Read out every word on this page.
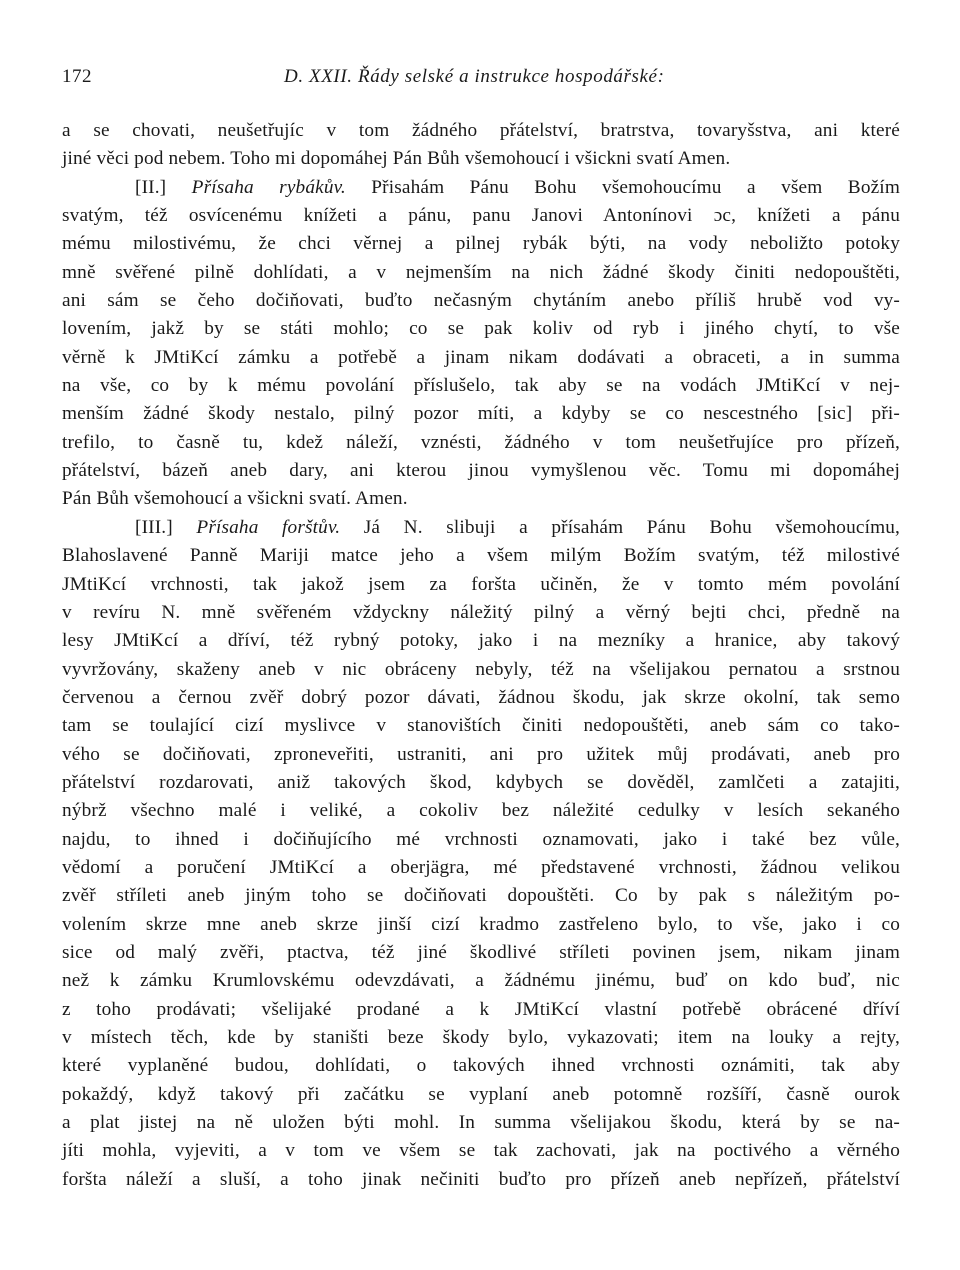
172	D. XXII. Řády selské a instrukce hospodářské:
a se chovati, neušetřujíc v tom žádného přátelství, bratrstva, tovaryšstva, ani které
jiné věci pod nebem. Toho mi dopomáhej Pán Bůh všemohoucí i všickni svatí Amen.
[II.] Přísaha rybákův. Přisahám Pánu Bohu všemohoucímu a všem Božím
svatým, též osvícenému knížeti a pánu, panu Janovi Antonínovi ɔc, knížeti a pánu
mému milostivému, že chci věrnej a pilnej rybák býti, na vody neboližto potoky
mně svěřené pilně dohlídati, a v nejmenším na nich žádné škody činiti nedopouštěti,
ani sám se čeho dočiňovati, buďto nečasným chytáním anebo příliš hrubě vod vy-
lovením, jakž by se státi mohlo; co se pak koliv od ryb i jiného chytí, to vše
věrně k JMtiKcí zámku a potřebě a jinam nikam dodávati a obraceti, a in summa
na vše, co by k mému povolání příslušelo, tak aby se na vodách JMtiKcí v nej-
menším žádné škody nestalo, pilný pozor míti, a kdyby se co nescestného [sic] při-
trefilo, to časně tu, kdež náleží, vznésti, žádného v tom neušetřujíce pro přízeň,
přátelství, bázeň aneb dary, ani kterou jinou vymyšlenou věc. Tomu mi dopomáhej
Pán Bůh všemohoucí a všickni svatí. Amen.
[III.] Přísaha forštův. Já N. slibuji a přísahám Pánu Bohu všemohoucímu,
Blahoslavené Panně Mariji matce jeho a všem milým Božím svatým, též milostivé
JMtiKcí vrchnosti, tak jakož jsem za foršta učiněn, že v tomto mém povolání
v revíru N. mně svěřeném vždyckny náležitý pilný a věrný bejti chci, předně na
lesy JMtiKcí a dříví, též rybný potoky, jako i na mezníky a hranice, aby takový
vyvržovány, skaženy aneb v nic obráceny nebyly, též na všelijakou pernatou a srstnou
červenou a černou zvěř dobrý pozor dávati, žádnou škodu, jak skrze okolní, tak semo
tam se toulající cizí myslivce v stanovištích činiti nedopouštěti, aneb sám co tako-
vého se dočiňovati, zproneveřiti, ustraniti, ani pro užitek můj prodávati, aneb pro
přátelství rozdarovati, aniž takových škod, kdybych se dověděl, zamlčeti a zatajiti,
nýbrž všechno malé i veliké, a cokoliv bez náležité cedulky v lesích sekaného
najdu, to ihned i dočiňujícího mé vrchnosti oznamovati, jako i také bez vůle,
vědomí a poručení JMtiKcí a oberjägra, mé představené vrchnosti, žádnou velikou
zvěř stříleti aneb jiným toho se dočiňovati dopouštěti. Co by pak s náležitým po-
volením skrze mne aneb skrze jinší cizí kradmo zastřeleno bylo, to vše, jako i co
sice od malý zvěři, ptactva, též jiné škodlivé stříleti povinen jsem, nikam jinam
než k zámku Krumlovskému odevzdávati, a žádnému jinému, buď on kdo buď, nic
z toho prodávati; všelijaké prodané a k JMtiKcí vlastní potřebě obrácené dříví
v místech těch, kde by staništi beze škody bylo, vykazovati; item na louky a rejty,
které vyplaněné budou, dohlídati, o takových ihned vrchnosti oznámiti, tak aby
pokaždý, když takový při začátku se vyplaní aneb potomně rozšíří, časně ourok
a plat jistej na ně uložen býti mohl. In summa všelijakou škodu, která by se na-
jíti mohla, vyjeviti, a v tom ve všem se tak zachovati, jak na poctivého a věrného
foršta náleží a sluší, a toho jinak nečiniti buďto pro přízeň aneb nepřízeň, přátelství
